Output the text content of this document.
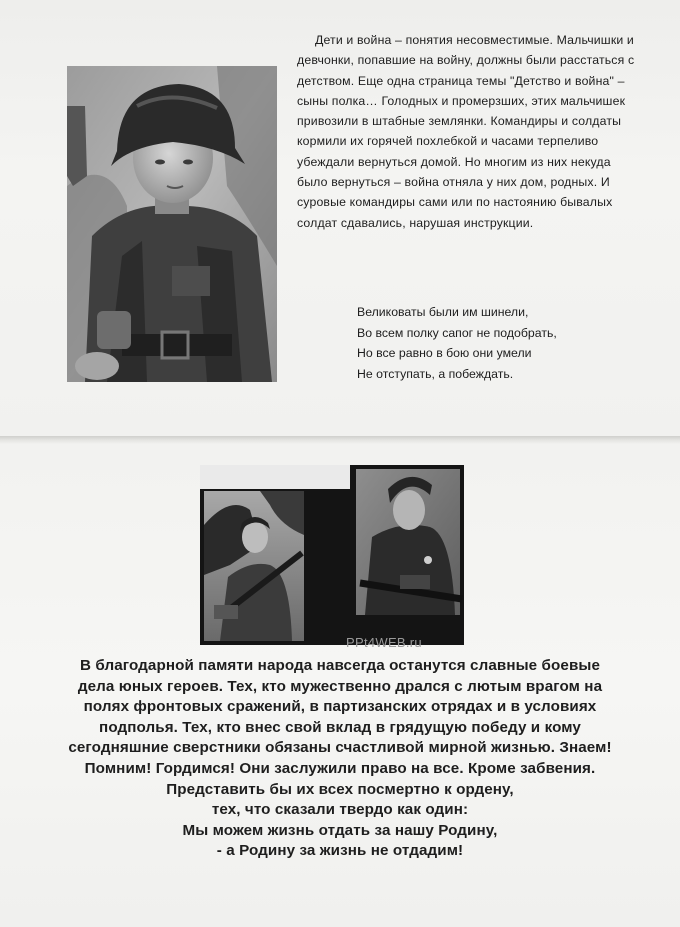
Дети и война – понятия несовместимые. Мальчишки и девчонки, попавшие на войну, должны были расстаться с детством. Еще одна страница темы "Детство и война" – сыны полка… Голодных и промерзших, этих мальчишек привозили в штабные землянки. Командиры и солдаты кормили их горячей похлебкой и часами терпеливо убеждали вернуться домой. Но многим из них некуда было вернуться – война отняла у них дом, родных. И суровые командиры сами или по настоянию бывалых солдат сдавались, нарушая инструкции.

Великоваты были им шинели,
Во всем полку сапог не подобрать,
Но все равно в бою они умели
Не отступать, а побеждать.
PPt4WEB.ru

В благодарной памяти народа навсегда останутся славные боевые дела юных героев. Тех, кто мужественно дрался с лютым врагом на полях фронтовых сражений, в партизанских отрядах и в условиях подполья. Тех, кто внес свой вклад в грядущую победу и кому сегодняшние сверстники обязаны счастливой мирной жизнью. Знаем! Помним! Гордимся! Они заслужили право на все. Кроме забвения.

Представить бы их всех посмертно к ордену,

тех, что сказали твердо как один:

Мы можем жизнь отдать за нашу Родину,

- а Родину за жизнь не отдадим!
